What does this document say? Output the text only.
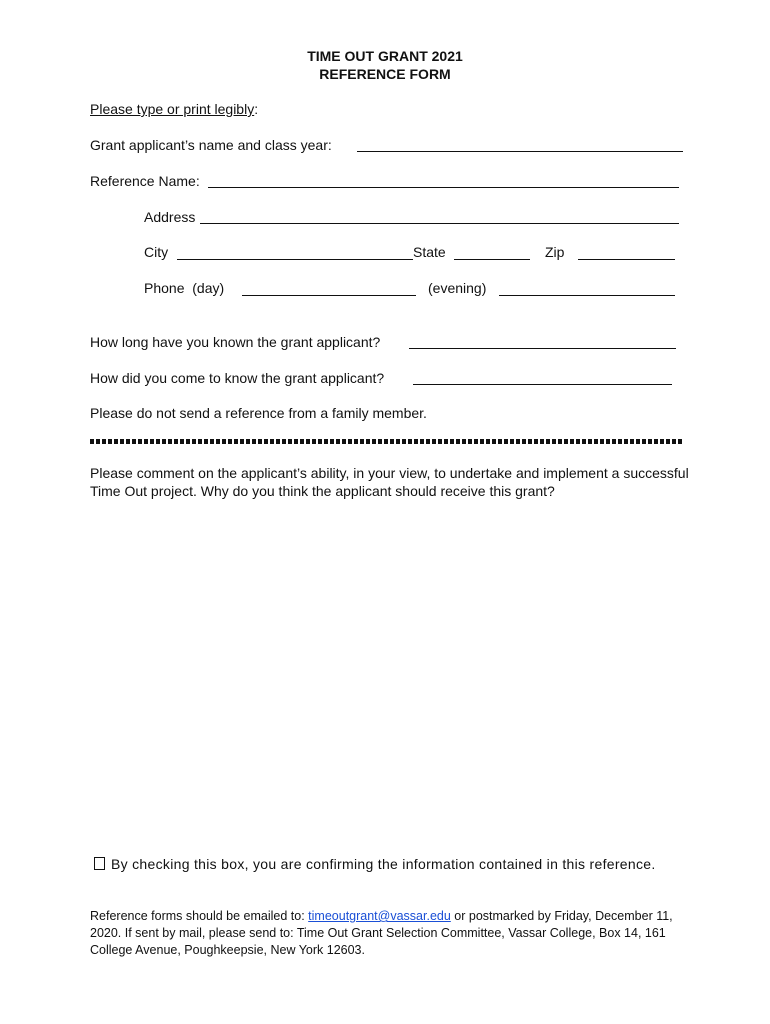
TIME OUT GRANT 2021
REFERENCE FORM
Please type or print legibly:
Grant applicant’s name and class year:
Reference Name:
Address
City	State	Zip
Phone  (day)	(evening)
How long have you known the grant applicant?
How did you come to know the grant applicant?
Please do not send a reference from a family member.
Please comment on the applicant’s ability, in your view, to undertake and implement a successful Time Out project. Why do you think the applicant should receive this grant?
By checking this box, you are confirming the information contained in this reference.
Reference forms should be emailed to: timeoutgrant@vassar.edu or postmarked by Friday, December 11, 2020. If sent by mail, please send to: Time Out Grant Selection Committee, Vassar College, Box 14, 161 College Avenue, Poughkeepsie, New York 12603.
